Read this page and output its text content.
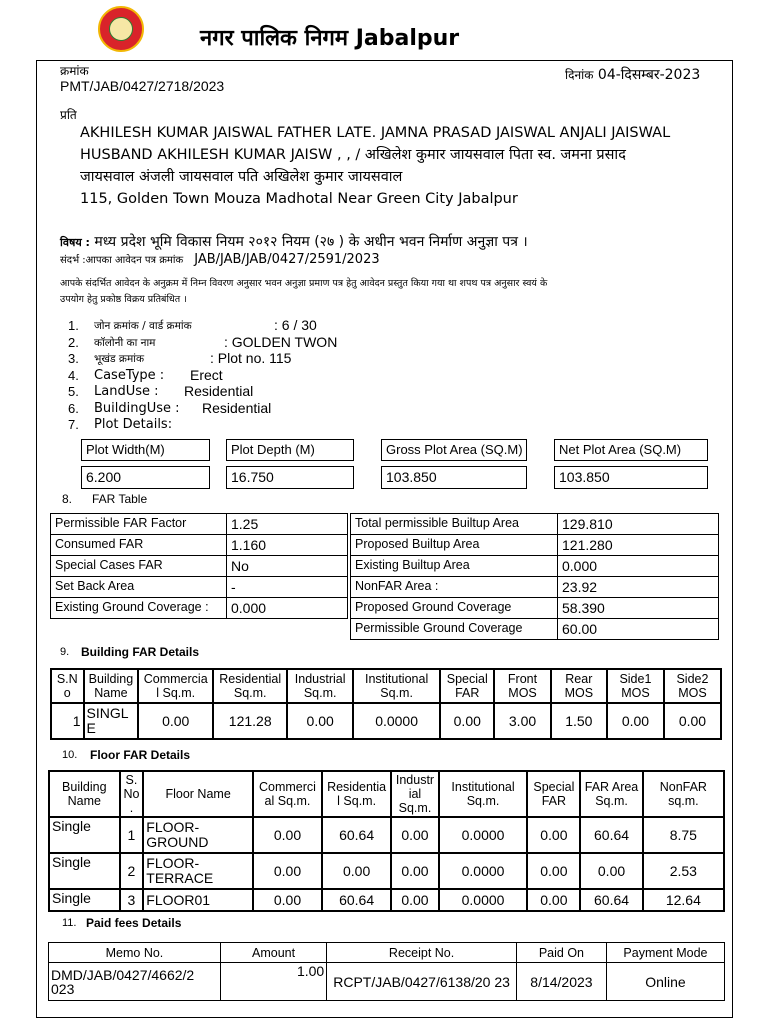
नगर पालिक निगम Jabalpur
क्रमांक
PMT/JAB/0427/2718/2023
दिनांक 04-दिसम्बर-2023
प्रति
AKHILESH KUMAR JAISWAL FATHER LATE. JAMNA PRASAD JAISWAL ANJALI JAISWAL
HUSBAND AKHILESH KUMAR JAISW , , / अखिलेश कुमार जायसवाल पिता स्व. जमना प्रसाद
जायसवाल अंजली जायसवाल पति अखिलेश कुमार जायसवाल
115, Golden Town Mouza Madhotal Near Green City Jabalpur
विषय : मध्य प्रदेश भूमि विकास नियम २०१२ नियम (२७ ) के अधीन भवन निर्माण अनुज्ञा पत्र ।
संदर्भ :आपका आवेदन पत्र क्रमांक JAB/JAB/JAB/0427/2591/2023
आपके संदर्भित आवेदन के अनुक्रम में निम्न विवरण अनुसार भवन अनुज्ञा प्रमाण पत्र हेतु आवेदन प्रस्तुत किया गया था शपथ पत्र अनुसार स्वयं के
उपयोग हेतु प्रकोष्ठ विक्रय प्रतिबंधित ।
1. जोन क्रमांक / वार्ड क्रमांक	: 6 / 30
2. कॉलोनी का नाम	: GOLDEN TWON
3. भूखंड क्रमांक	: Plot no. 115
4. CaseType : Erect
5. LandUse : Residential
6. BuildingUse : Residential
7. Plot Details:
Plot Width(M)	Plot Depth (M)	Gross Plot Area (SQ.M)	Net Plot Area (SQ.M)
6.200	16.750	103.850	103.850
8. FAR Table
Permissible FAR Factor	1.25
Consumed FAR	1.160
Special Cases FAR	No
Set Back Area	-
Existing Ground Coverage :	0.000
Total permissible Builtup Area	129.810
Proposed Builtup Area	121.280
Existing Builtup Area	0.000
NonFAR Area :	23.92
Proposed Ground Coverage	58.390
Permissible Ground Coverage	60.00
9. Building FAR Details
S.N o	Building Name	Commercia l Sq.m.	Residential Sq.m.	Industrial Sq.m.	Institutional Sq.m.	Special FAR	Front MOS	Rear MOS	Side1 MOS	Side2 MOS
1	SINGL E	0.00	121.28	0.00	0.0000	0.00	3.00	1.50	0.00	0.00
10. Floor FAR Details
Building Name	S. No .	Floor Name	Commerci al Sq.m.	Residentia l Sq.m.	Industr ial Sq.m.	Institutional Sq.m.	Special FAR	FAR Area Sq.m.	NonFAR sq.m.
Single	1	FLOOR- GROUND	0.00	60.64	0.00	0.0000	0.00	60.64	8.75
Single	2	FLOOR- TERRACE	0.00	0.00	0.00	0.0000	0.00	0.00	2.53
Single	3	FLOOR01	0.00	60.64	0.00	0.0000	0.00	60.64	12.64
11. Paid fees Details
Memo No.	Amount	Receipt No.	Paid On	Payment Mode
DMD/JAB/0427/4662/2 023	1.00	RCPT/JAB/0427/6138/20 23	8/14/2023	Online
